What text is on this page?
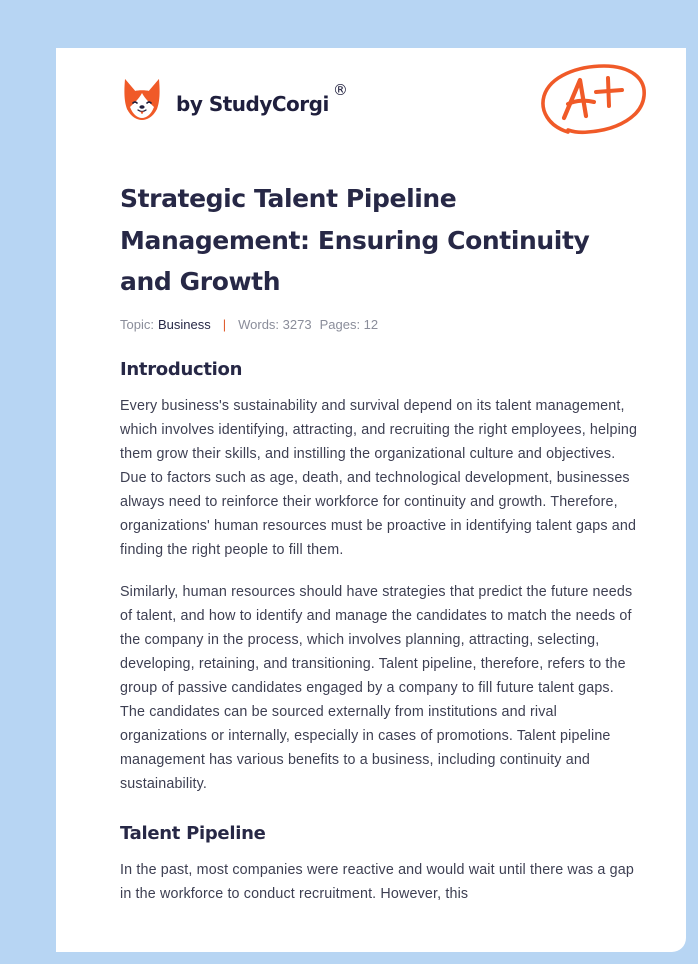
by StudyCorgi
®
Strategic Talent Pipeline Management: Ensuring Continuity and Growth
Topic: Business | Words: 3273 Pages: 12
Introduction

Every business's sustainability and survival depend on its talent management, which involves identifying, attracting, and recruiting the right employees, helping them grow their skills, and instilling the organizational culture and objectives. Due to factors such as age, death, and technological development, businesses always need to reinforce their workforce for continuity and growth. Therefore, organizations' human resources must be proactive in identifying talent gaps and finding the right people to fill them.

Similarly, human resources should have strategies that predict the future needs of talent, and how to identify and manage the candidates to match the needs of the company in the process, which involves planning, attracting, selecting, developing, retaining, and transitioning. Talent pipeline, therefore, refers to the group of passive candidates engaged by a company to fill future talent gaps. The candidates can be sourced externally from institutions and rival organizations or internally, especially in cases of promotions. Talent pipeline management has various benefits to a business, including continuity and sustainability.

Talent Pipeline

In the past, most companies were reactive and would wait until there was a gap in the workforce to conduct recruitment. However, this
